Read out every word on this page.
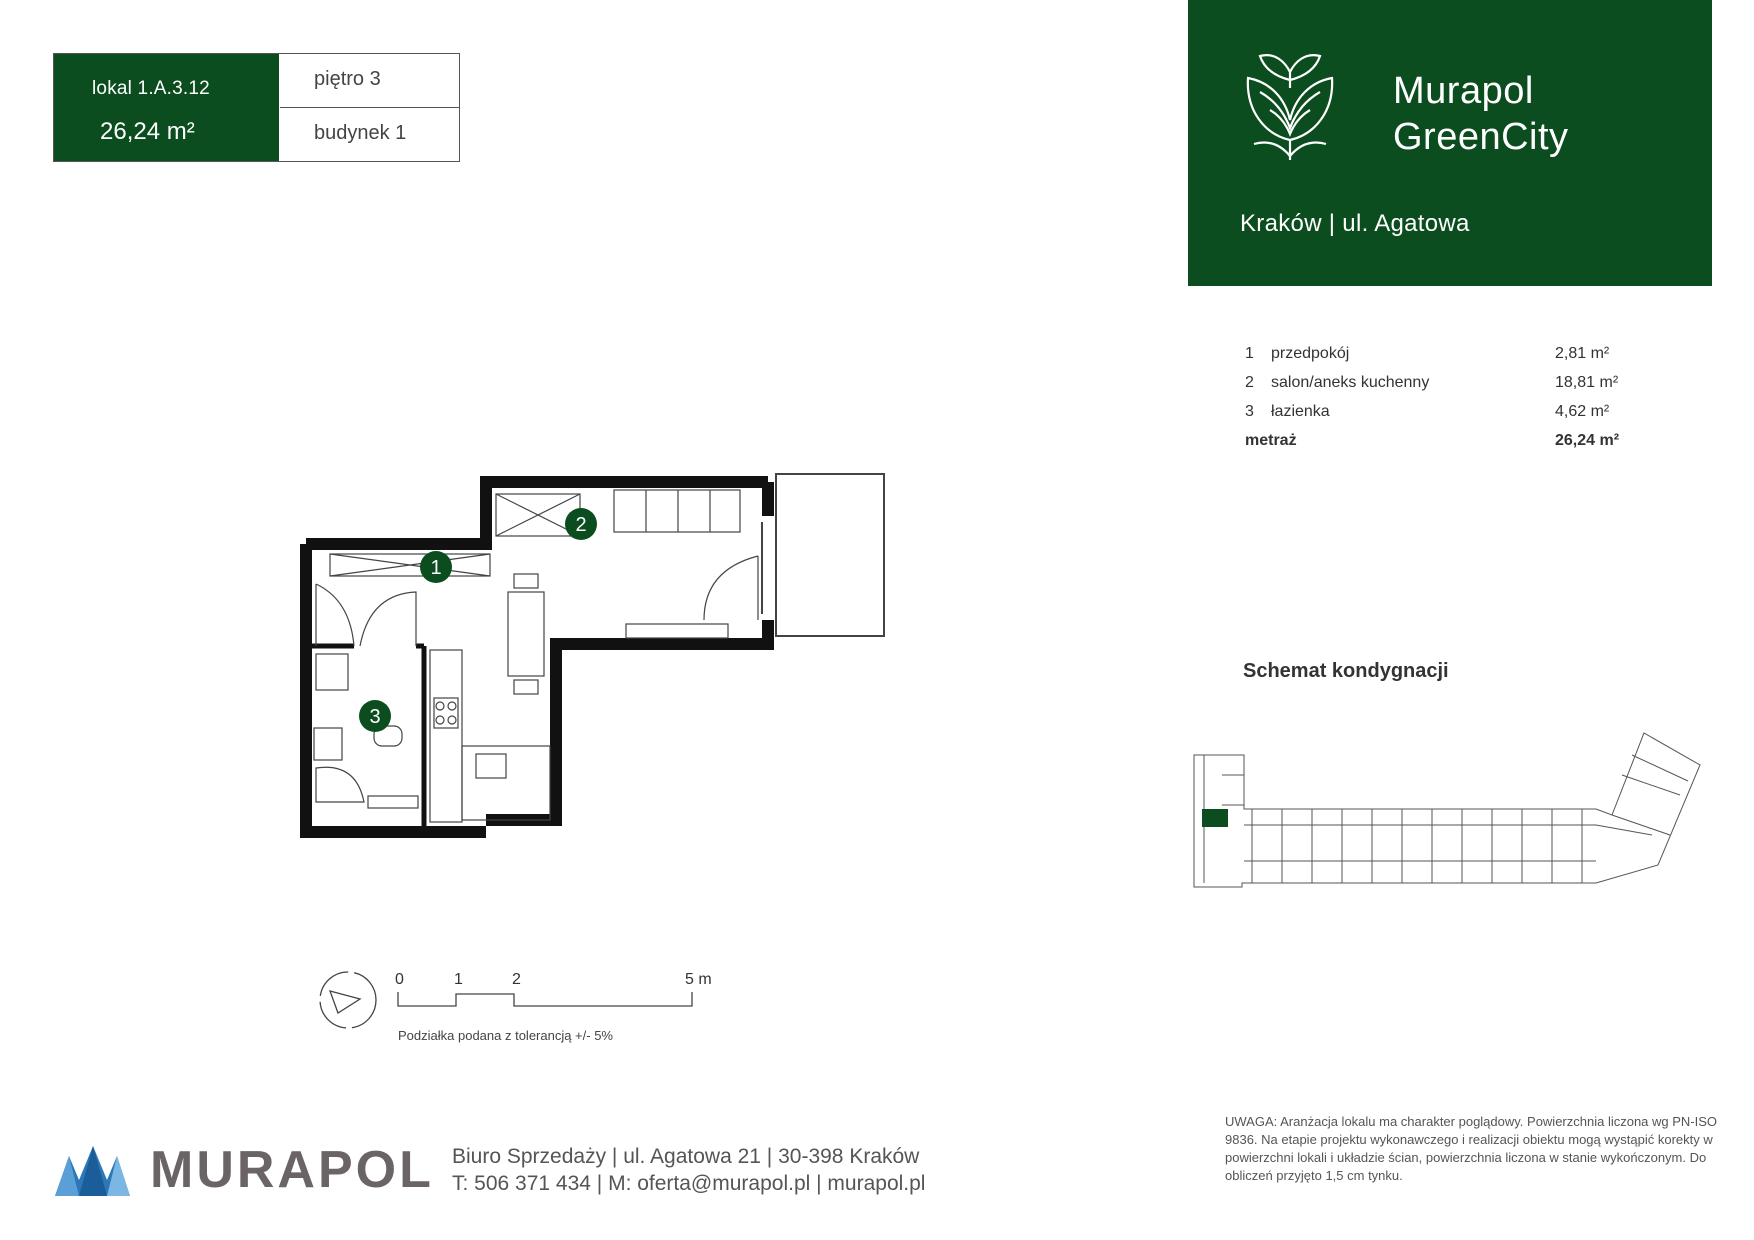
lokal 1.A.3.12
26,24 m²
piętro 3
budynek 1
Murapol
GreenCity
Kraków | ul. Agatowa
1 przedpokój	2,81 m²
2 salon/aneks kuchenny	18,81 m²
3 łazienka	4,62 m²
metraż	26,24 m²
1
2
3
0	1	2	5 m
Podziałka podana z tolerancją +/- 5%
Schemat kondygnacji
MURAPOL Biuro Sprzedaży | ul. Agatowa 21 | 30-398 Kraków
T: 506 371 434 | M: oferta@murapol.pl | murapol.pl
UWAGA: Aranżacja lokalu ma charakter poglądowy. Powierzchnia liczona wg PN-ISO 9836. Na etapie projektu wykonawczego i realizacji obiektu mogą wystąpić korekty w powierzchni lokali i układzie ścian, powierzchnia liczona w stanie wykończonym. Do obliczeń przyjęto 1,5 cm tynku.
